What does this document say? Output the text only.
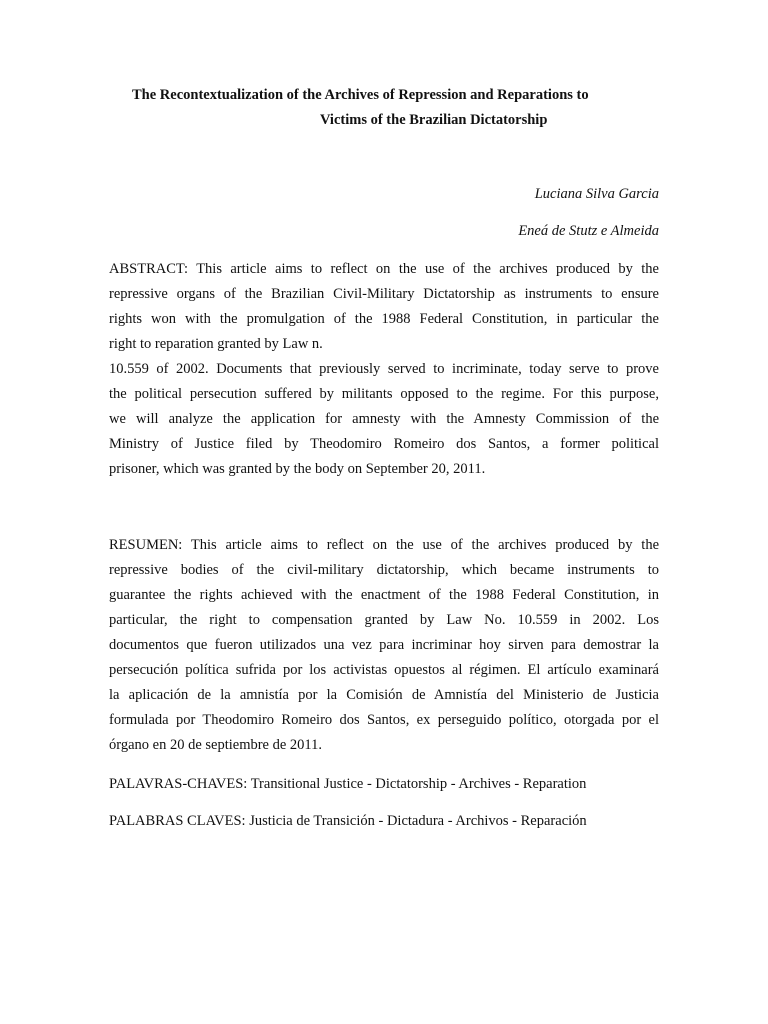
The Recontextualization of the Archives of Repression and Reparations to
Victims of the Brazilian Dictatorship
Luciana Silva Garcia
Eneá de Stutz e Almeida
ABSTRACT: This article aims to reflect on the use of the archives produced by the
repressive organs of the Brazilian Civil-Military Dictatorship as instruments to ensure
rights won with the promulgation of the 1988 Federal Constitution, in particular the
right to reparation granted by Law n.
10.559 of 2002. Documents that previously served to incriminate, today serve to prove
the political persecution suffered by militants opposed to the regime. For this purpose,
we will analyze the application for amnesty with the Amnesty Commission of the
Ministry of Justice filed by Theodomiro Romeiro dos Santos, a former political
prisoner, which was granted by the body on September 20, 2011.
RESUMEN: This article aims to reflect on the use of the archives produced by the
repressive bodies of the civil-military dictatorship, which became instruments to
guarantee the rights achieved with the enactment of the 1988 Federal Constitution, in
particular, the right to compensation granted by Law No. 10.559 in 2002. Los
documentos que fueron utilizados una vez para incriminar hoy sirven para demostrar la
persecución política sufrida por los activistas opuestos al régimen. El artículo examinará
la aplicación de la amnistía por la Comisión de Amnistía del Ministerio de Justicia
formulada por Theodomiro Romeiro dos Santos, ex perseguido político, otorgada por el
órgano en 20 de septiembre de 2011.
PALAVRAS-CHAVES: Transitional Justice - Dictatorship - Archives - Reparation
PALABRAS CLAVES: Justicia de Transición - Dictadura - Archivos - Reparación
